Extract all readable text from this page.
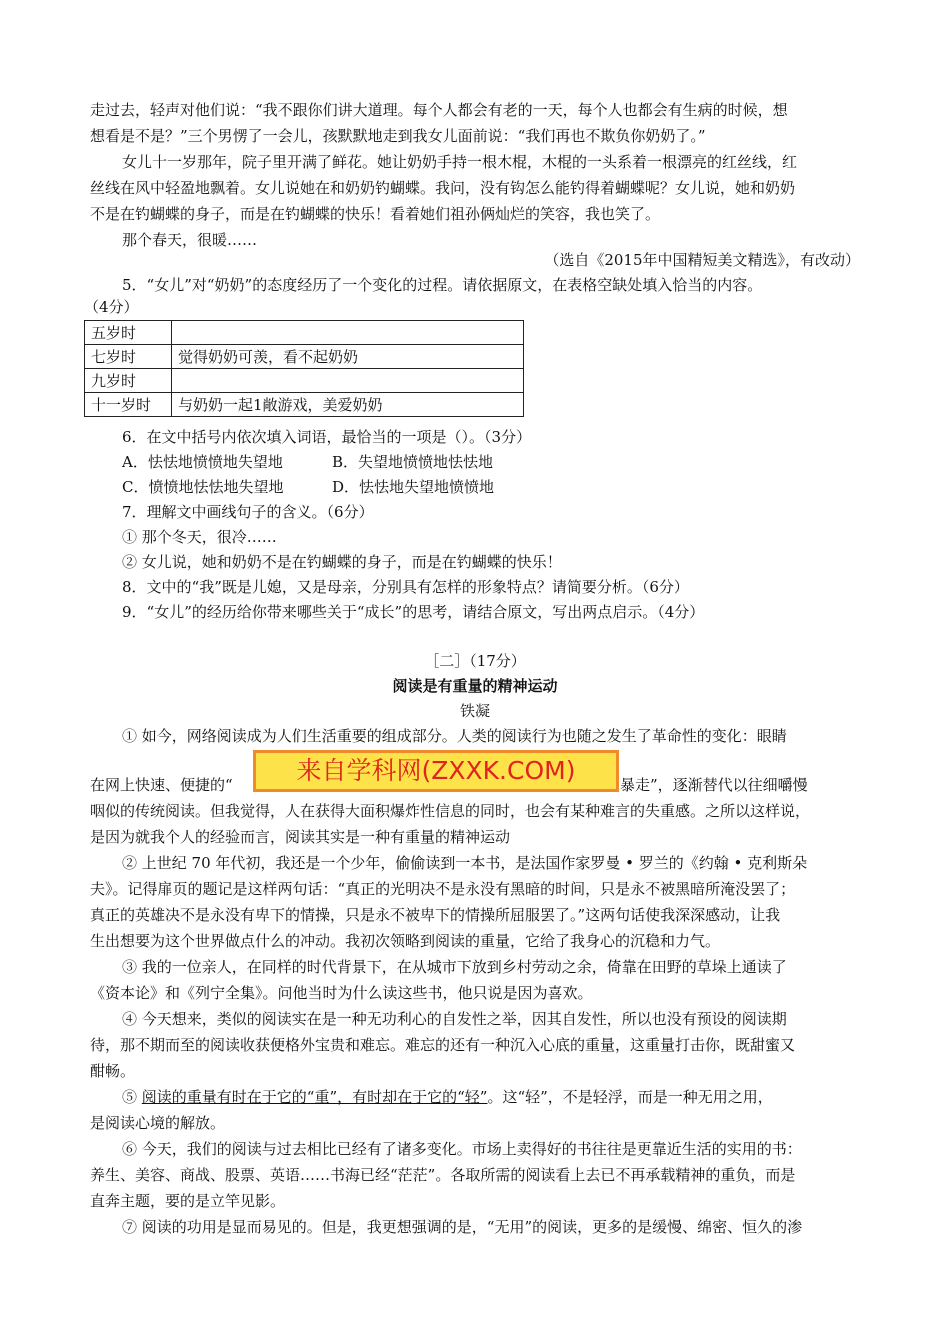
走过去，轻声对他们说：“我不跟你们讲大道理。每个人都会有老的一天，每个人也都会有生病的时候，想
想看是不是？”三个男愣了一会儿，孩默默地走到我女儿面前说：“我们再也不欺负你奶奶了。”
女儿十一岁那年，院子里开满了鲜花。她让奶奶手持一根木棍，木棍的一头系着一根漂亮的红丝线，红
丝线在风中轻盈地飘着。女儿说她在和奶奶钓蝴蝶。我问，没有钩怎么能钓得着蝴蝶呢？女儿说，她和奶奶
不是在钓蝴蝶的身子，而是在钓蝴蝶的快乐！看着她们祖孙俩灿烂的笑容，我也笑了。
那个春天，很暖……
（选自《2015年中国精短美文精选》，有改动）
5．“女儿”对“奶奶”的态度经历了一个变化的过程。请依据原文，在表格空缺处填入恰当的内容。
（4分）
五岁时	
七岁时	觉得奶奶可羡，看不起奶奶
九岁时	
十一岁时	与奶奶一起1敞游戏，美爱奶奶
6．在文中括号内依次填入词语，最恰当的一项是（）。（3分）
A．怯怯地愤愤地失望地	B．失望地愤愤地怯怯地
C．愤愤地怯怯地失望地	D．怯怯地失望地愤愤地
7．理解文中画线句子的含义。（6分）
① 那个冬天，很冷……
② 女儿说，她和奶奶不是在钓蝴蝶的身子，而是在钓蝴蝶的快乐！
8．文中的“我”既是儿媳，又是母亲，分别具有怎样的形象特点？请简要分析。（6分）
9．“女儿”的经历给你带来哪些关于“成长”的思考，请结合原文，写出两点启示。（4分）
［二］（17分）
阅读是有重量的精神运动
铁凝
① 如今，网络阅读成为人们生活重要的组成部分。人类的阅读行为也随之发生了革命性的变化：眼睛
在网上快速、便捷的“	暴走”，逐渐替代以往细嚼慢
来自学科网(ZXXK.COM)
咽似的传统阅读。但我觉得，人在获得大面积爆炸性信息的同时，也会有某种难言的失重感。之所以这样说，
是因为就我个人的经验而言，阅读其实是一种有重量的精神运动
② 上世纪 70 年代初，我还是一个少年，偷偷读到一本书，是法国作家罗曼 • 罗兰的《约翰 • 克利斯朵
夫》。记得扉页的题记是这样两句话：“真正的光明决不是永没有黑暗的时间，只是永不被黑暗所淹没罢了；
真正的英雄决不是永没有卑下的情操，只是永不被卑下的情操所屈服罢了。”这两句话使我深深感动，让我
生出想要为这个世界做点什么的冲动。我初次领略到阅读的重量，它给了我身心的沉稳和力气。
③ 我的一位亲人，在同样的时代背景下，在从城市下放到乡村劳动之余，倚靠在田野的草垛上通读了
《资本论》和《列宁全集》。问他当时为什么读这些书，他只说是因为喜欢。
④ 今天想来，类似的阅读实在是一种无功利心的自发性之举，因其自发性，所以也没有预设的阅读期
待，那不期而至的阅读收获便格外宝贵和难忘。难忘的还有一种沉入心底的重量，这重量打击你，既甜蜜又
酣畅。
⑤ 阅读的重量有时在于它的“重”，有时却在于它的“轻”。这“轻”，不是轻浮，而是一种无用之用，
是阅读心境的解放。
⑥ 今天，我们的阅读与过去相比已经有了诸多变化。市场上卖得好的书往往是更靠近生活的实用的书：
养生、美容、商战、股票、英语……书海已经“茫茫”。各取所需的阅读看上去已不再承载精神的重负，而是
直奔主题，要的是立竿见影。
⑦ 阅读的功用是显而易见的。但是，我更想强调的是，“无用”的阅读，更多的是缓慢、绵密、恒久的渗
